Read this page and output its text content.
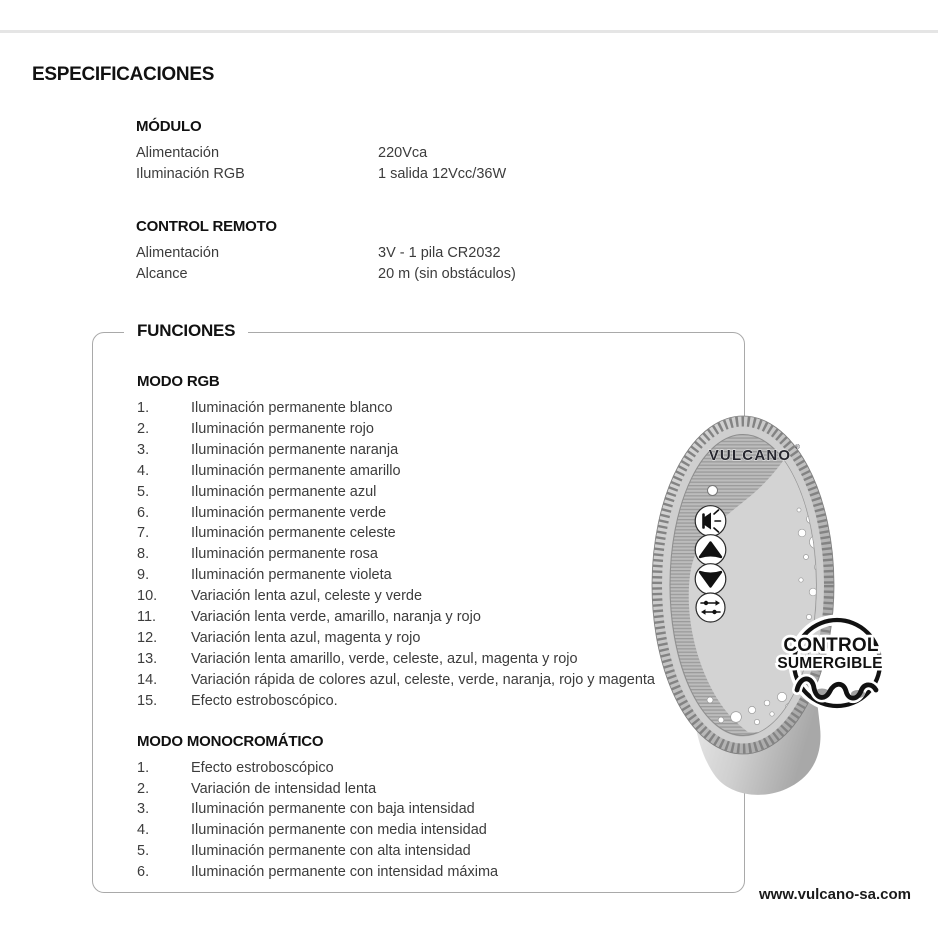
ESPECIFICACIONES
MÓDULO
Alimentación	220Vca
Iluminación RGB	1 salida 12Vcc/36W
CONTROL REMOTO
Alimentación	3V - 1 pila CR2032
Alcance	20 m (sin obstáculos)
FUNCIONES
MODO RGB
1.	Iluminación permanente blanco
2.	Iluminación permanente rojo
3.	Iluminación permanente naranja
4.	Iluminación permanente amarillo
5.	Iluminación permanente azul
6.	Iluminación permanente verde
7.	Iluminación permanente celeste
8.	Iluminación permanente rosa
9.	Iluminación permanente violeta
10.	Variación lenta azul, celeste y verde
11.	Variación lenta verde, amarillo, naranja y rojo
12.	Variación lenta azul, magenta y rojo
13.	Variación lenta amarillo, verde, celeste, azul, magenta y rojo
14.	Variación rápida de colores azul, celeste, verde, naranja, rojo y magenta
15.	Efecto estroboscópico.
MODO MONOCROMÁTICO
1.	Efecto estroboscópico
2.	Variación de intensidad lenta
3.	Iluminación permanente con baja intensidad
4.	Iluminación permanente con media intensidad
5.	Iluminación permanente con alta intensidad
6.	Iluminación permanente con intensidad máxima
VULCANO ®
CONTROL
SUMERGIBLE
www.vulcano-sa.com
